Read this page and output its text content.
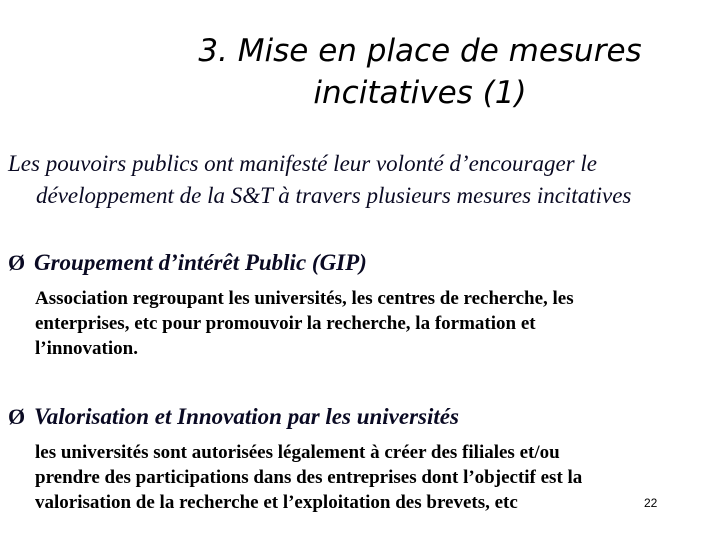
3. Mise en place de mesures
incitatives (1)
Les pouvoirs publics ont manifesté leur volonté d’encourager le
développement de la S&T à travers plusieurs mesures incitatives
Ø Groupement d’intérêt Public (GIP)
Association regroupant les universités, les centres de recherche, les
enterprises, etc pour promouvoir la recherche, la formation et
l’innovation.
Ø Valorisation et Innovation par les universités
les universités sont autorisées légalement à créer des filiales et/ou
prendre des participations dans des entreprises dont l’objectif est la
valorisation de la recherche et l’exploitation des brevets, etc	22
